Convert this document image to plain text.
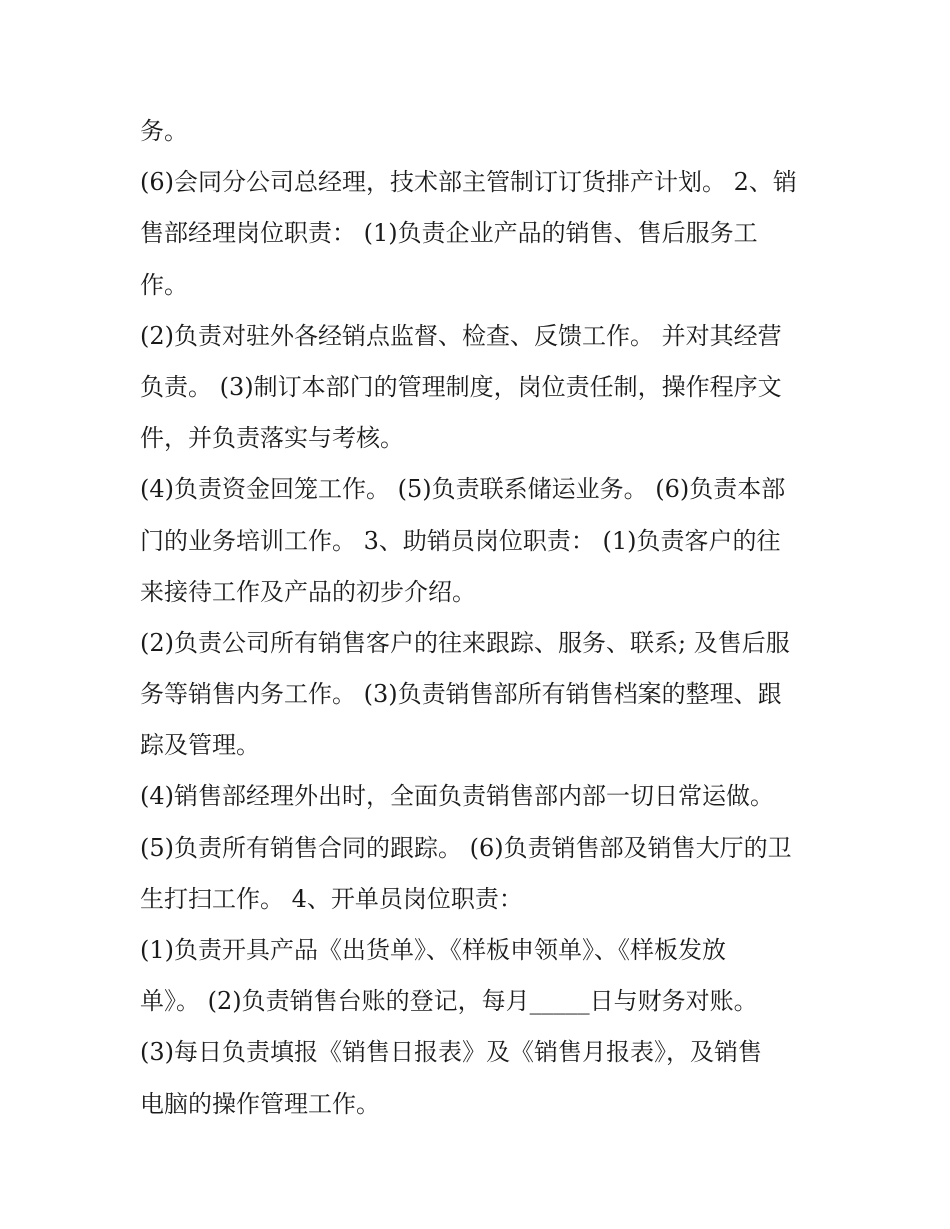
务。
(6)会同分公司总经理，技术部主管制订订货排产计划。 2、销
售部经理岗位职责： (1)负责企业产品的销售、售后服务工
作。
(2)负责对驻外各经销点监督、检查、反馈工作。 并对其经营
负责。 (3)制订本部门的管理制度，岗位责任制，操作程序文
件，并负责落实与考核。
(4)负责资金回笼工作。 (5)负责联系储运业务。 (6)负责本部
门的业务培训工作。 3、助销员岗位职责： (1)负责客户的往
来接待工作及产品的初步介绍。
(2)负责公司所有销售客户的往来跟踪、服务、联系; 及售后服
务等销售内务工作。 (3)负责销售部所有销售档案的整理、跟
踪及管理。
(4)销售部经理外出时，全面负责销售部内部一切日常运做。
(5)负责所有销售合同的跟踪。 (6)负责销售部及销售大厅的卫
生打扫工作。 4、开单员岗位职责：
(1)负责开具产品《出货单》、《样板申领单》、《样板发放
单》。 (2)负责销售台账的登记，每月_____日与财务对账。
(3)每日负责填报《销售日报表》及《销售月报表》，及销售
电脑的操作管理工作。
